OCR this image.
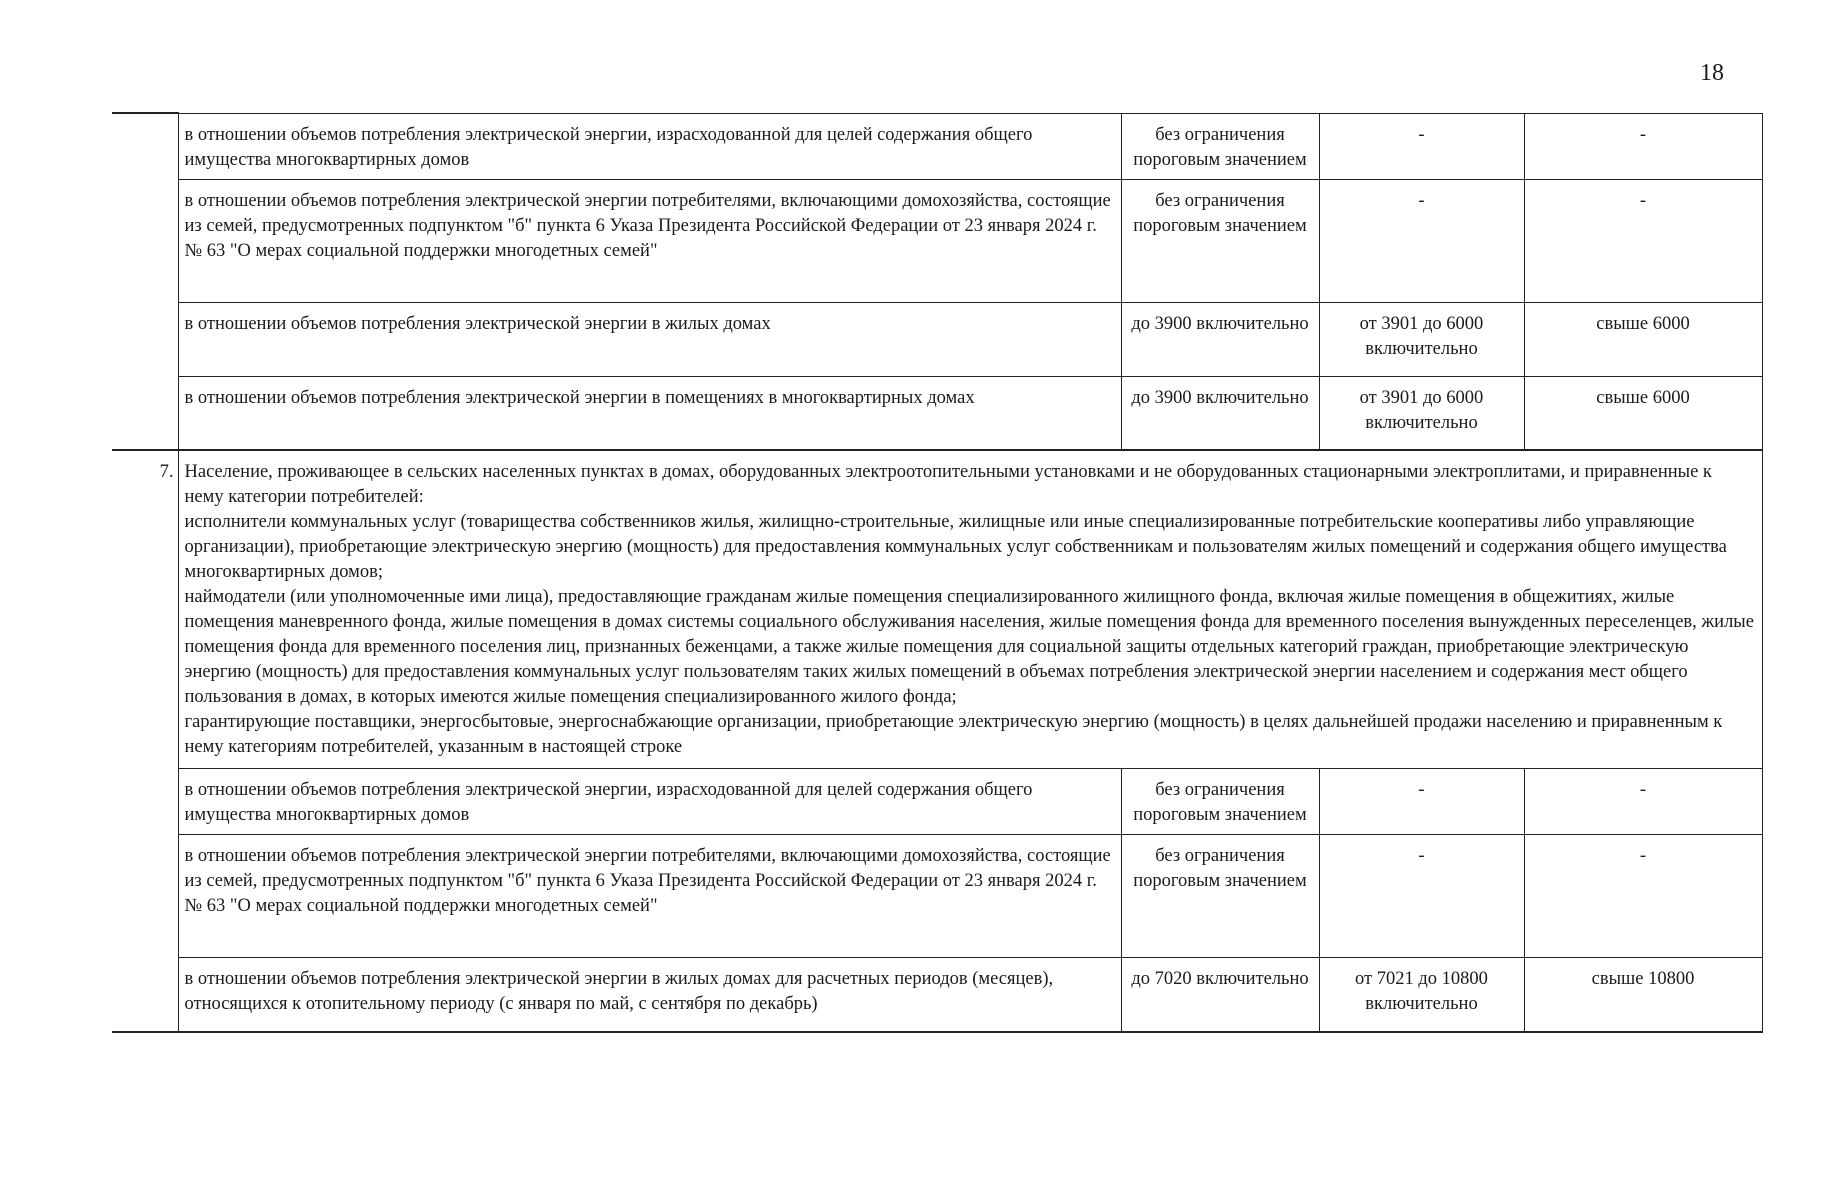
18
	в отношении объемов потребления электрической энергии, израсходованной для целей содержания общего имущества многоквартирных домов	без ограничения пороговым значением	-	-
	в отношении объемов потребления электрической энергии потребителями, включающими домохозяйства, состоящие из семей, предусмотренных подпунктом "б" пункта 6 Указа Президента Российской Федерации от 23 января 2024 г. № 63 "О мерах социальной поддержки многодетных семей"	без ограничения пороговым значением	-	-
	в отношении объемов потребления электрической энергии в жилых домах	до 3900 включительно	от 3901 до 6000 включительно	свыше 6000
	в отношении объемов потребления электрической энергии в помещениях в многоквартирных домах	до 3900 включительно	от 3901 до 6000 включительно	свыше 6000
7.	Население, проживающее в сельских населенных пунктах в домах, оборудованных электроотопительными установками и не оборудованных стационарными электроплитами, и приравненные к нему категории потребителей:
исполнители коммунальных услуг (товарищества собственников жилья, жилищно-строительные, жилищные или иные специализированные потребительские кооперативы либо управляющие организации), приобретающие электрическую энергию (мощность) для предоставления коммунальных услуг собственникам и пользователям жилых помещений и содержания общего имущества многоквартирных домов;
наймодатели (или уполномоченные ими лица), предоставляющие гражданам жилые помещения специализированного жилищного фонда, включая жилые помещения в общежитиях, жилые помещения маневренного фонда, жилые помещения в домах системы социального обслуживания населения, жилые помещения фонда для временного поселения вынужденных переселенцев, жилые помещения фонда для временного поселения лиц, признанных беженцами, а также жилые помещения для социальной защиты отдельных категорий граждан, приобретающие электрическую энергию (мощность) для предоставления коммунальных услуг пользователям таких жилых помещений в объемах потребления электрической энергии населением и содержания мест общего пользования в домах, в которых имеются жилые помещения специализированного жилого фонда;
гарантирующие поставщики, энергосбытовые, энергоснабжающие организации, приобретающие электрическую энергию (мощность) в целях дальнейшей продажи населению и приравненным к нему категориям потребителей, указанным в настоящей строке			
	в отношении объемов потребления электрической энергии, израсходованной для целей содержания общего имущества многоквартирных домов	без ограничения пороговым значением	-	-
	в отношении объемов потребления электрической энергии потребителями, включающими домохозяйства, состоящие из семей, предусмотренных подпунктом "б" пункта 6 Указа Президента Российской Федерации от 23 января 2024 г. № 63 "О мерах социальной поддержки многодетных семей"	без ограничения пороговым значением	-	-
	в отношении объемов потребления электрической энергии в жилых домах для расчетных периодов (месяцев), относящихся к отопительному периоду (с января по май, с сентября по декабрь)	до 7020 включительно	от 7021 до 10800 включительно	свыше 10800
